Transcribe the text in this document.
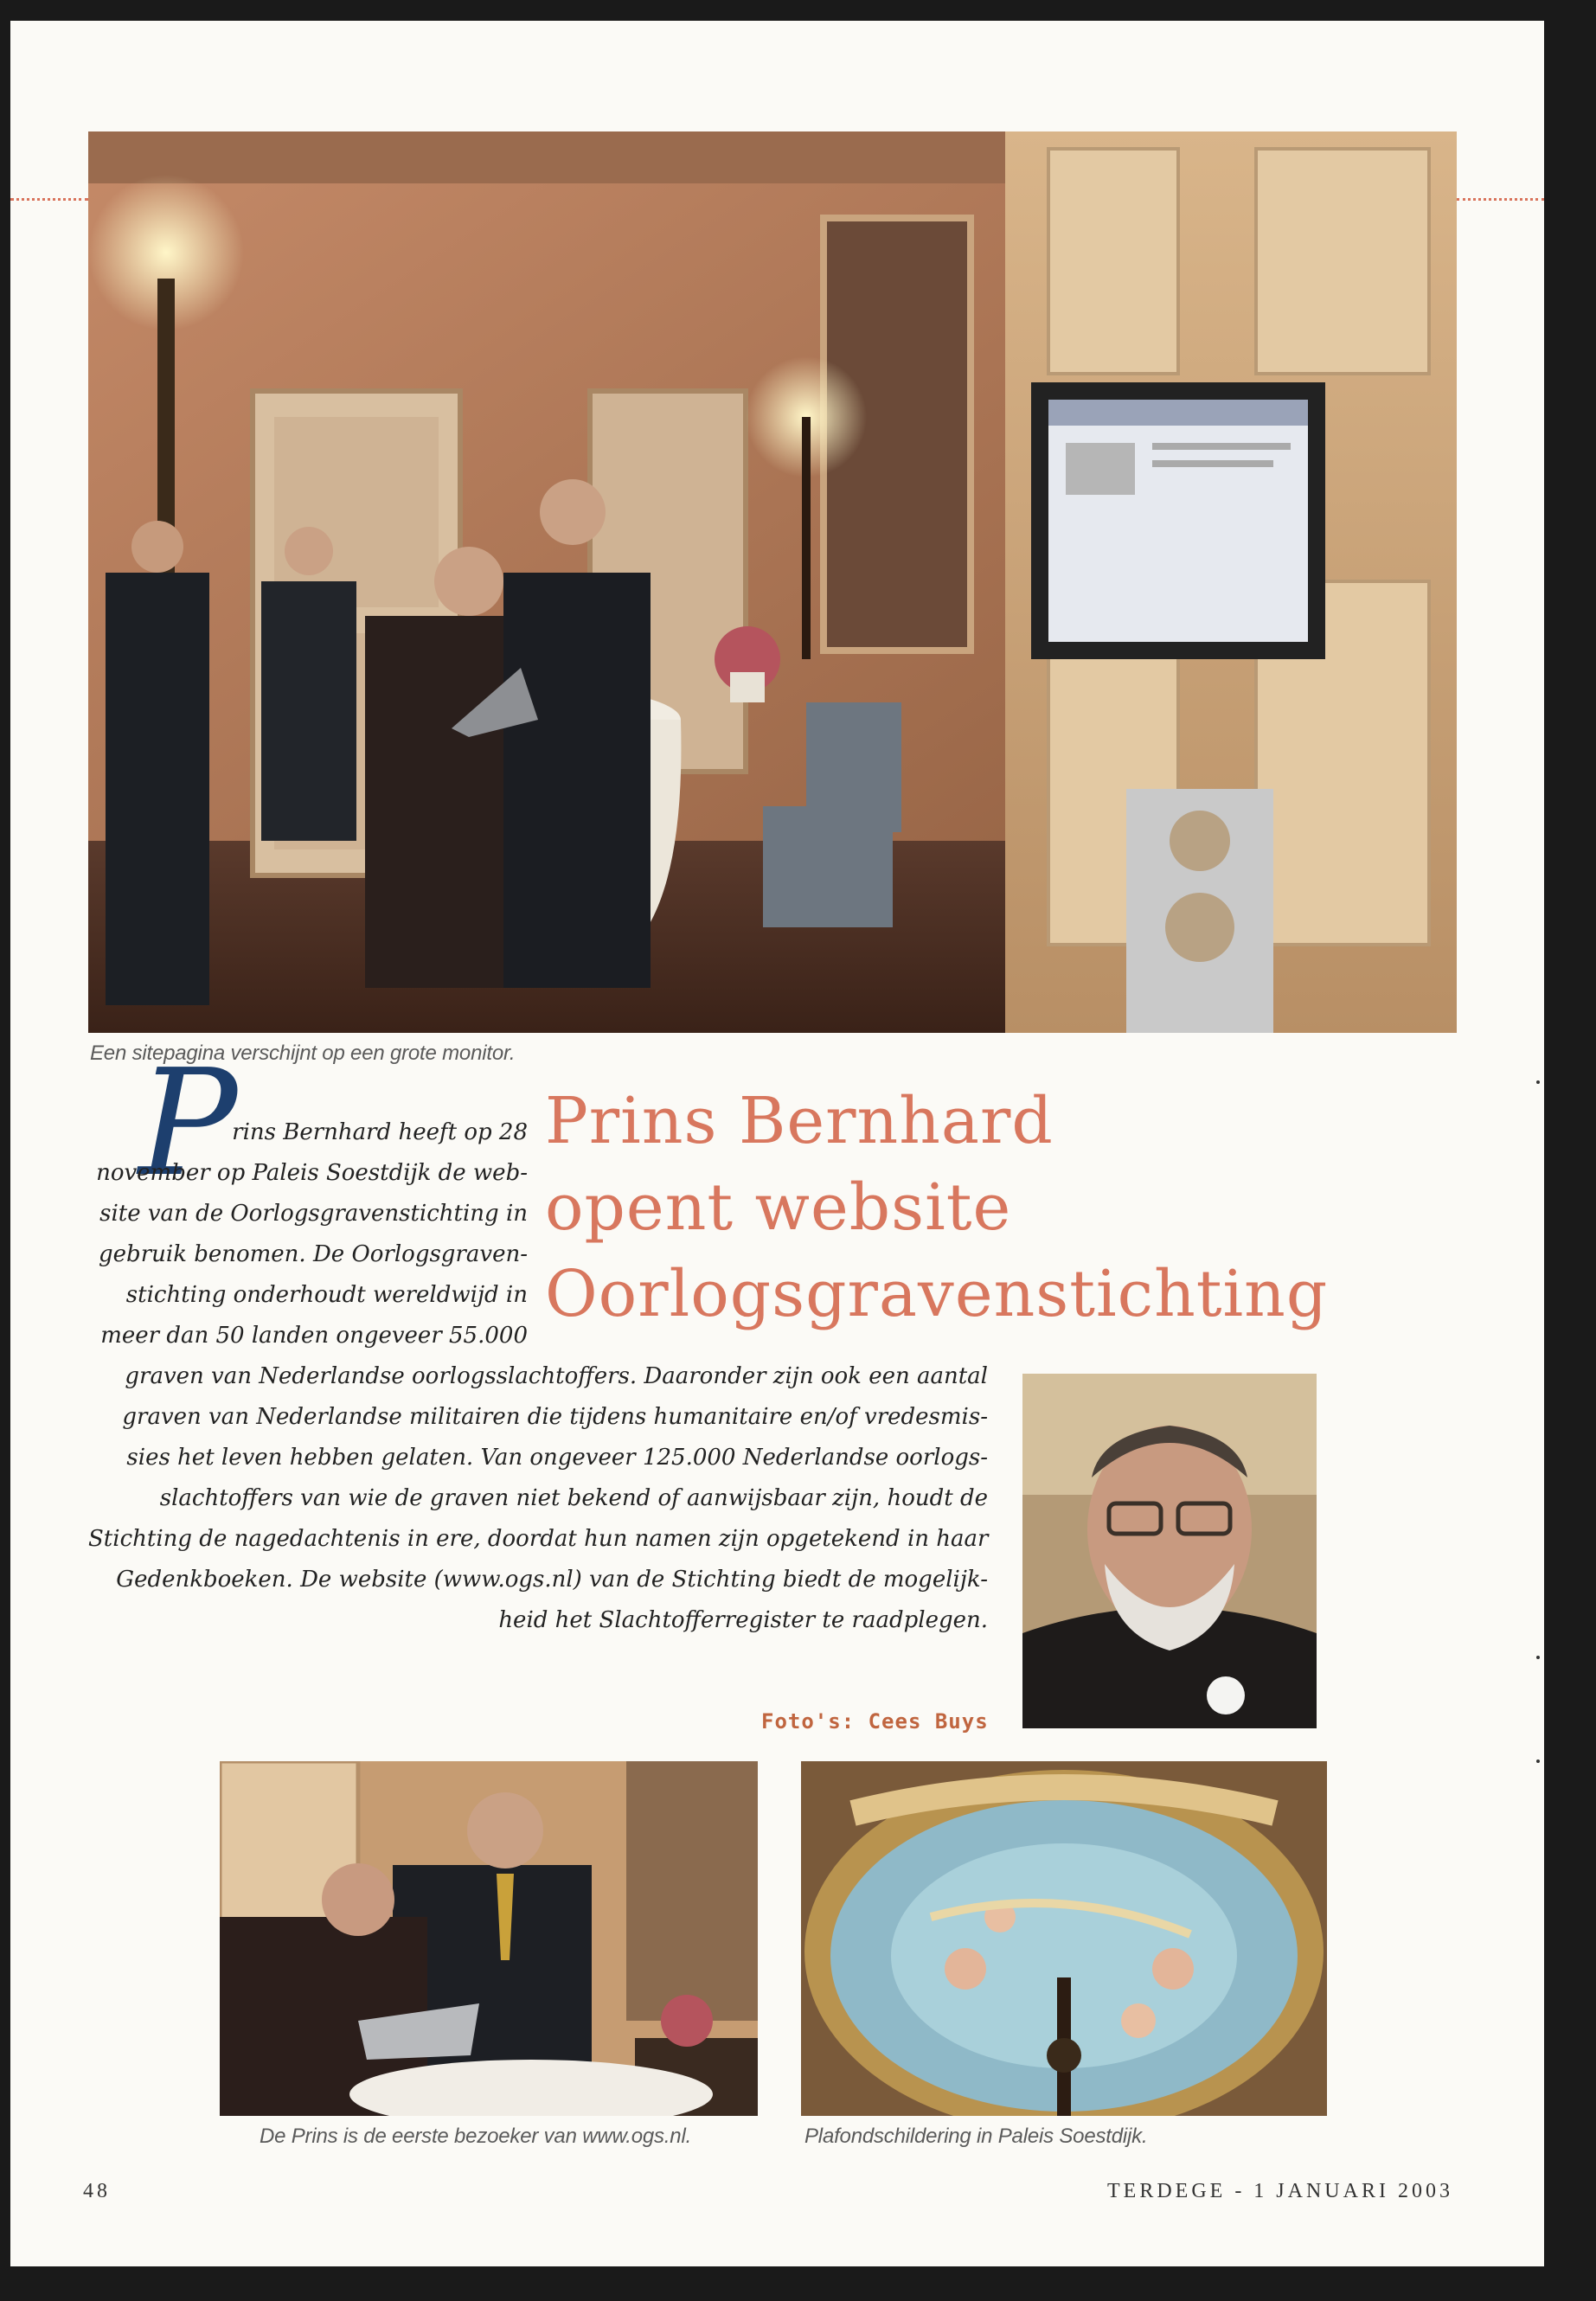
Een sitepagina verschijnt op een grote monitor.
Prins Bernhard
opent website
Oorlogsgravenstichting
P
rins Bernhard heeft op 28
november op Paleis Soestdijk de web-
site van de Oorlogsgravenstichting in
gebruik benomen. De Oorlogsgraven-
stichting onderhoudt wereldwijd in
meer dan 50 landen ongeveer 55.000
graven van Nederlandse oorlogsslachtoffers. Daaronder zijn ook een aantal
graven van Nederlandse militairen die tijdens humanitaire en/of vredesmis-
sies het leven hebben gelaten. Van ongeveer 125.000 Nederlandse oorlogs-
slachtoffers van wie de graven niet bekend of aanwijsbaar zijn, houdt de
Stichting de nagedachtenis in ere, doordat hun namen zijn opgetekend in haar
Gedenkboeken. De website (www.ogs.nl) van de Stichting biedt de mogelijk-
heid het Slachtofferregister te raadplegen.
Foto's: Cees Buys
De Prins is de eerste bezoeker van www.ogs.nl.	Plafondschildering in Paleis Soestdijk.
48	TERDEGE - 1 JANUARI 2003
